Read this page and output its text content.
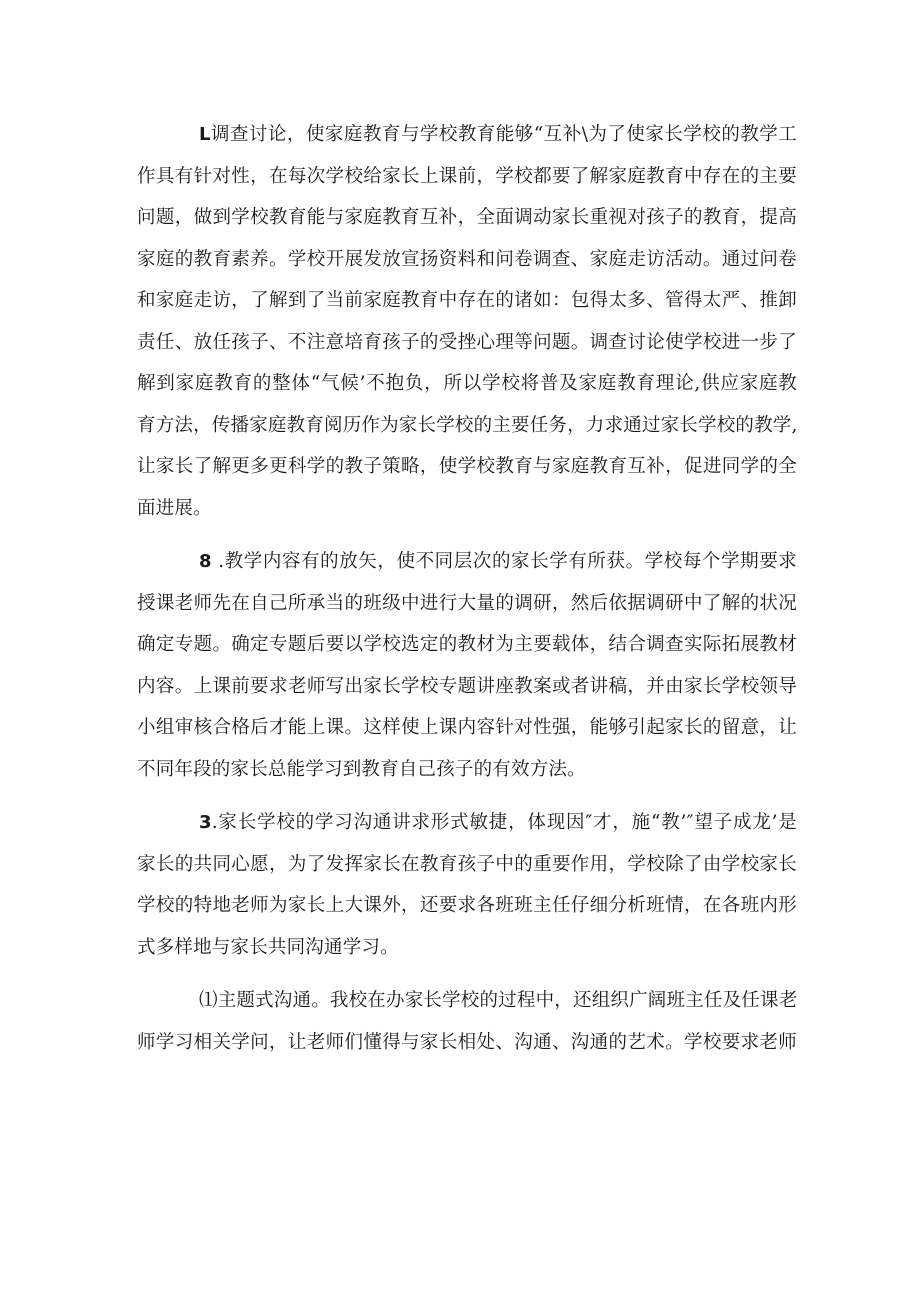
L调查讨论，使家庭教育与学校教育能够“互补\为了使家长学校的教学工
作具有针对性，在每次学校给家长上课前，学校都要了解家庭教育中存在的主要
问题，做到学校教育能与家庭教育互补，全面调动家长重视对孩子的教育，提高
家庭的教育素养。学校开展发放宣扬资料和问卷调查、家庭走访活动。通过问卷
和家庭走访，了解到了当前家庭教育中存在的诸如：包得太多、管得太严、推卸
责任、放任孩子、不注意培育孩子的受挫心理等问题。调查讨论使学校进一步了
解到家庭教育的整体“气候’不抱负，所以学校将普及家庭教育理论,供应家庭教
育方法，传播家庭教育阅历作为家长学校的主要任务，力求通过家长学校的教学,
让家长了解更多更科学的教子策略，使学校教育与家庭教育互补，促进同学的全
面进展。
8 .教学内容有的放矢，使不同层次的家长学有所获。学校每个学期要求
授课老师先在自己所承当的班级中进行大量的调研，然后依据调研中了解的状况
确定专题。确定专题后要以学校选定的教材为主要载体，结合调查实际拓展教材
内容。上课前要求老师写出家长学校专题讲座教案或者讲稿，并由家长学校领导
小组审核合格后才能上课。这样使上课内容针对性强，能够引起家长的留意，让
不同年段的家长总能学习到教育自己孩子的有效方法。
3.家长学校的学习沟通讲求形式敏捷，体现因″才，施“教’″望子成龙’是
家长的共同心愿，为了发挥家长在教育孩子中的重要作用，学校除了由学校家长
学校的特地老师为家长上大课外，还要求各班班主任仔细分析班情，在各班内形
式多样地与家长共同沟通学习。
⑴主题式沟通。我校在办家长学校的过程中，还组织广阔班主任及任课老
师学习相关学问，让老师们懂得与家长相处、沟通、沟通的艺术。学校要求老师
